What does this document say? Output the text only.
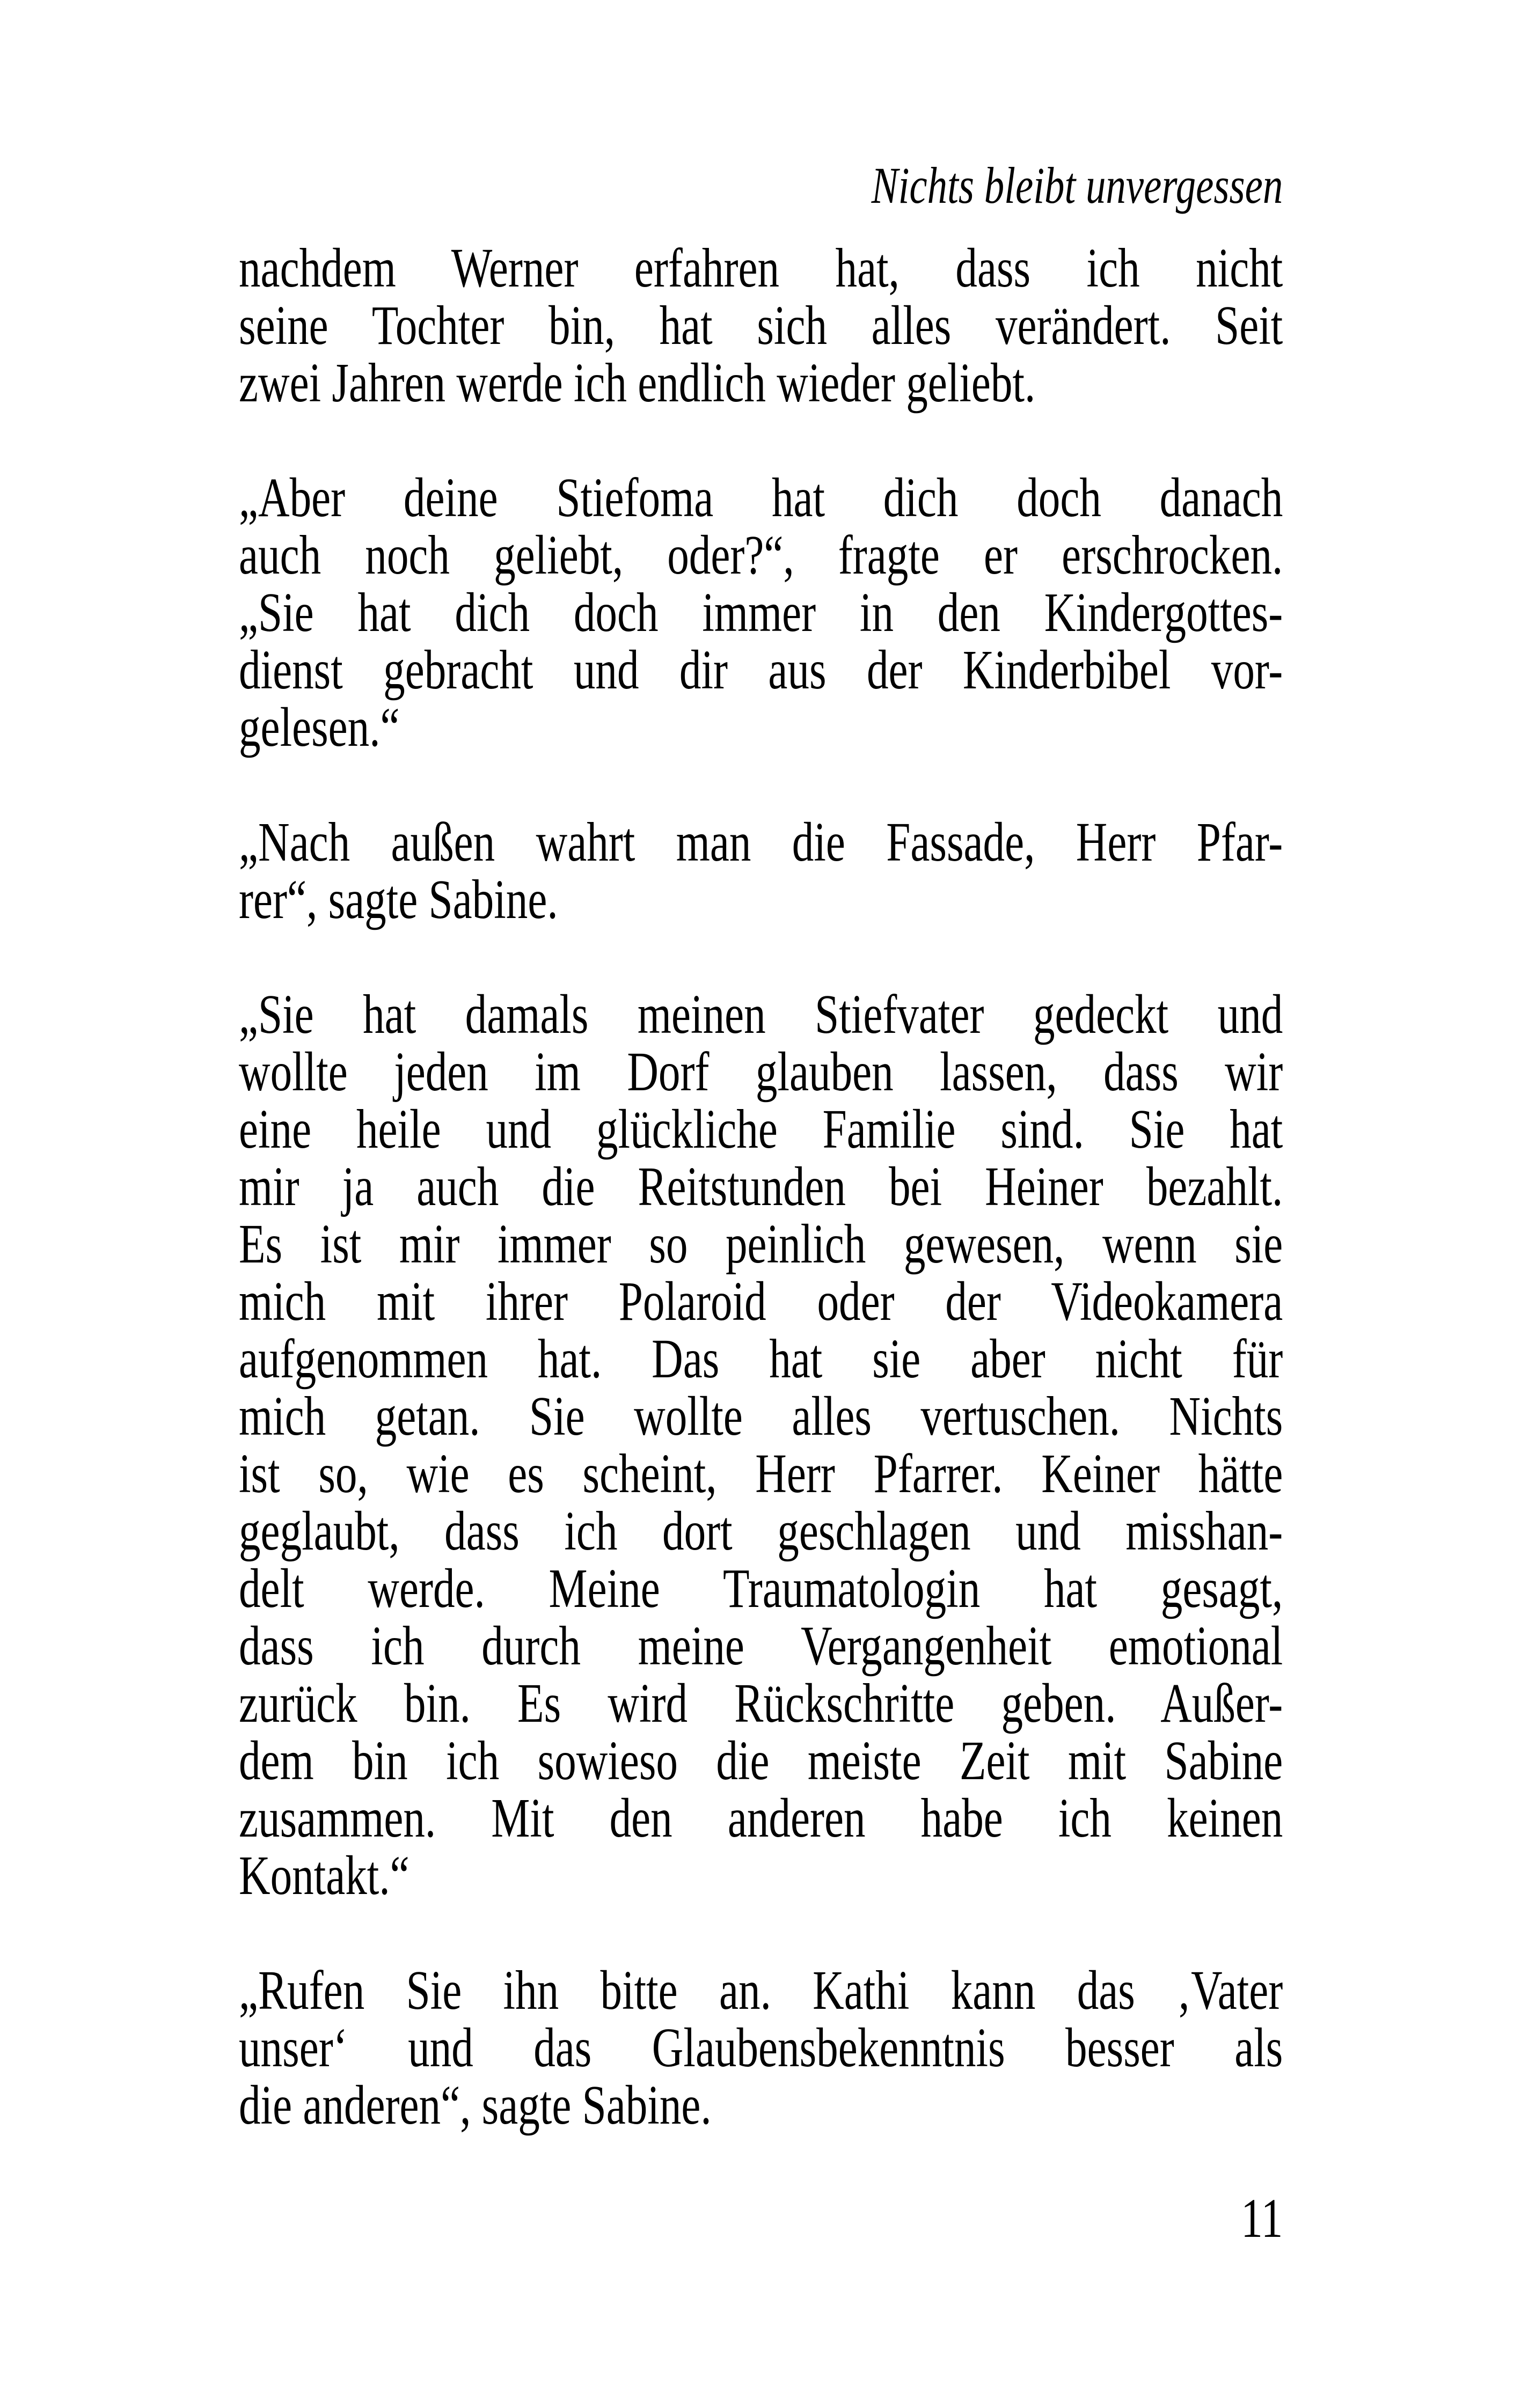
Nichts bleibt unvergessen
nachdem Werner erfahren hat, dass ich nicht
seine Tochter bin, hat sich alles verändert. Seit
zwei Jahren werde ich endlich wieder geliebt.
„Aber deine Stiefoma hat dich doch danach
auch noch geliebt, oder?“, fragte er erschrocken.
„Sie hat dich doch immer in den Kindergottes-
dienst gebracht und dir aus der Kinderbibel vor-
gelesen.“
„Nach außen wahrt man die Fassade, Herr Pfar-
rer“, sagte Sabine.
„Sie hat damals meinen Stiefvater gedeckt und
wollte jeden im Dorf glauben lassen, dass wir
eine heile und glückliche Familie sind. Sie hat
mir ja auch die Reitstunden bei Heiner bezahlt.
Es ist mir immer so peinlich gewesen, wenn sie
mich mit ihrer Polaroid oder der Videokamera
aufgenommen hat. Das hat sie aber nicht für
mich getan. Sie wollte alles vertuschen. Nichts
ist so, wie es scheint, Herr Pfarrer. Keiner hätte
geglaubt, dass ich dort geschlagen und misshan-
delt werde. Meine Traumatologin hat gesagt,
dass ich durch meine Vergangenheit emotional
zurück bin. Es wird Rückschritte geben. Außer-
dem bin ich sowieso die meiste Zeit mit Sabine
zusammen. Mit den anderen habe ich keinen
Kontakt.“
„Rufen Sie ihn bitte an. Kathi kann das ‚Vater
unser‘ und das Glaubensbekenntnis besser als
die anderen“, sagte Sabine.
11
